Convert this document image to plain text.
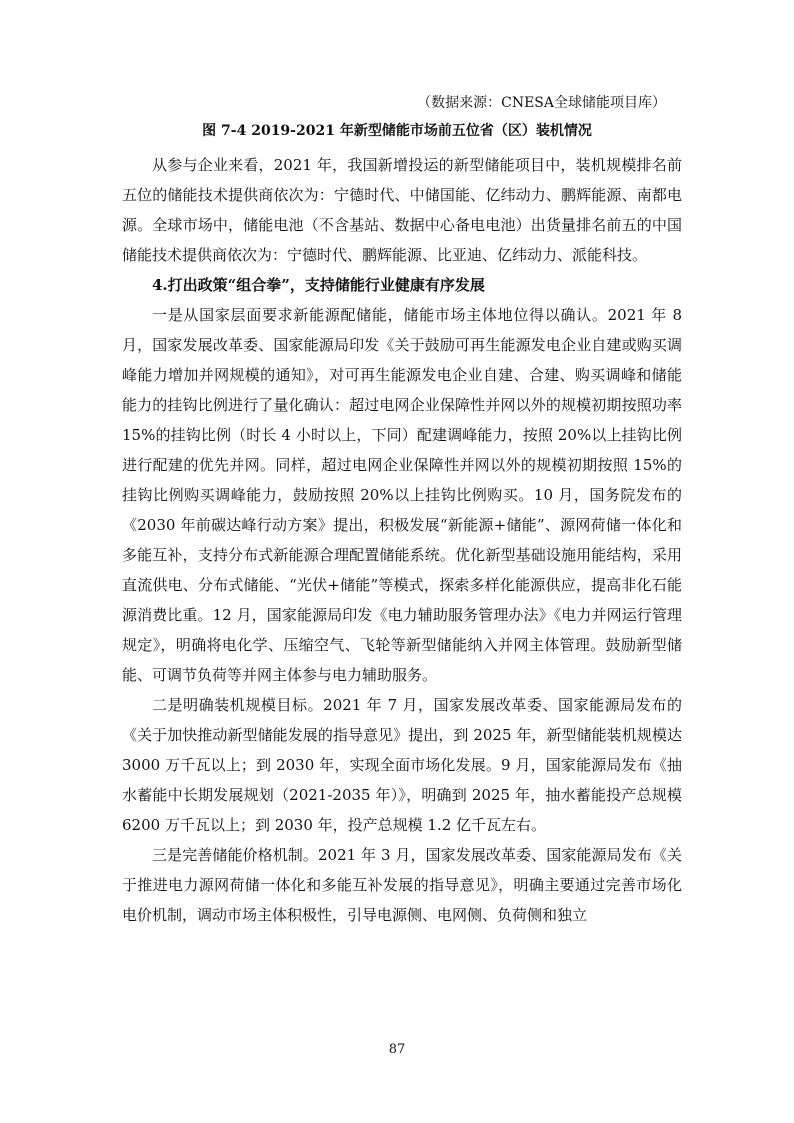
（数据来源：CNESA全球储能项目库）
图 7-4 2019-2021 年新型储能市场前五位省（区）装机情况

从参与企业来看，2021 年，我国新增投运的新型储能项目中，装机规模排名前五位的储能技术提供商依次为：宁德时代、中储国能、亿纬动力、鹏辉能源、南都电源。全球市场中，储能电池（不含基站、数据中心备电电池）出货量排名前五的中国储能技术提供商依次为：宁德时代、鹏辉能源、比亚迪、亿纬动力、派能科技。

4.打出政策“组合拳”，支持储能行业健康有序发展

一是从国家层面要求新能源配储能，储能市场主体地位得以确认。2021 年 8 月，国家发展改革委、国家能源局印发《关于鼓励可再生能源发电企业自建或购买调峰能力增加并网规模的通知》，对可再生能源发电企业自建、合建、购买调峰和储能能力的挂钩比例进行了量化确认：超过电网企业保障性并网以外的规模初期按照功率 15%的挂钩比例（时长 4 小时以上，下同）配建调峰能力，按照 20%以上挂钩比例进行配建的优先并网。同样，超过电网企业保障性并网以外的规模初期按照 15%的挂钩比例购买调峰能力，鼓励按照 20%以上挂钩比例购买。10 月，国务院发布的《2030 年前碳达峰行动方案》提出，积极发展“新能源+储能”、源网荷储一体化和多能互补，支持分布式新能源合理配置储能系统。优化新型基础设施用能结构，采用直流供电、分布式储能、“光伏+储能”等模式，探索多样化能源供应，提高非化石能源消费比重。12 月，国家能源局印发《电力辅助服务管理办法》《电力并网运行管理规定》，明确将电化学、压缩空气、飞轮等新型储能纳入并网主体管理。鼓励新型储能、可调节负荷等并网主体参与电力辅助服务。

二是明确装机规模目标。2021 年 7 月，国家发展改革委、国家能源局发布的《关于加快推动新型储能发展的指导意见》提出，到 2025 年，新型储能装机规模达 3000 万千瓦以上；到 2030 年，实现全面市场化发展。9 月，国家能源局发布《抽水蓄能中长期发展规划（2021-2035 年）》，明确到 2025 年，抽水蓄能投产总规模 6200 万千瓦以上；到 2030 年，投产总规模 1.2 亿千瓦左右。

三是完善储能价格机制。2021 年 3 月，国家发展改革委、国家能源局发布《关于推进电力源网荷储一体化和多能互补发展的指导意见》，明确主要通过完善市场化电价机制，调动市场主体积极性，引导电源侧、电网侧、负荷侧和独立

87
